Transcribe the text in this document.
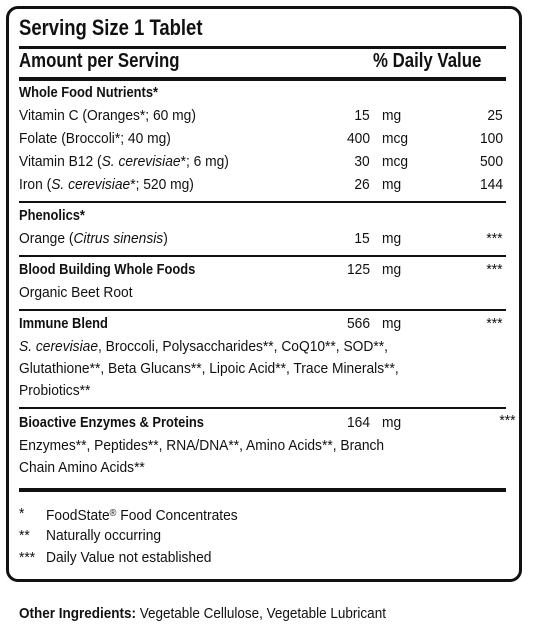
Serving Size 1 Tablet
Amount per Serving	% Daily Value
Whole Food Nutrients*
Vitamin C (Oranges*; 60 mg)	15 mg	25
Folate (Broccoli*; 40 mg)	400 mcg	100
Vitamin B12 (S. cerevisiae*; 6 mg)	30 mcg	500
Iron (S. cerevisiae*; 520 mg)	26 mg	144
Phenolics*
Orange (Citrus sinensis)	15 mg	***
Blood Building Whole Foods	125 mg	***
Organic Beet Root
Immune Blend	566 mg	***
S. cerevisiae, Broccoli, Polysaccharides**, CoQ10**, SOD**,
Glutathione**, Beta Glucans**, Lipoic Acid**, Trace Minerals**,
Probiotics**
Bioactive Enzymes & Proteins	164 mg	***
Enzymes**, Peptides**, RNA/DNA**, Amino Acids**, Branch
Chain Amino Acids**
* FoodState® Food Concentrates
** Naturally occurring
*** Daily Value not established
Other Ingredients: Vegetable Cellulose, Vegetable Lubricant
